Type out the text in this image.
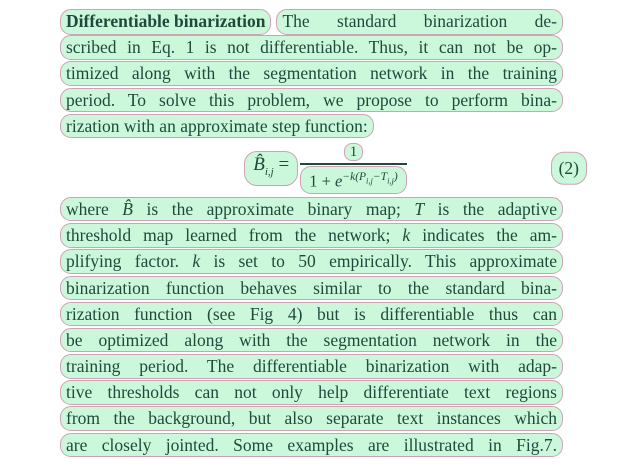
Differentiable binarization The standard binarization de-
scribed in Eq. 1 is not differentiable. Thus, it can not be op-
timized along with the segmentation network in the training
period. To solve this problem, we propose to perform bina-
rization with an approximate step function:
$B̂_{i,j} = \frac{1}{1 + e^{-k(P_{i,j}-T_{i,j})}}$	(2)
where B̂ is the approximate binary map; T is the adaptive
threshold map learned from the network; k indicates the am-
plifying factor. k is set to 50 empirically. This approximate
binarization function behaves similar to the standard bina-
rization function (see Fig 4) but is differentiable thus can
be optimized along with the segmentation network in the
training period. The differentiable binarization with adap-
tive thresholds can not only help differentiate text regions
from the background, but also separate text instances which
are closely jointed. Some examples are illustrated in Fig.7.
